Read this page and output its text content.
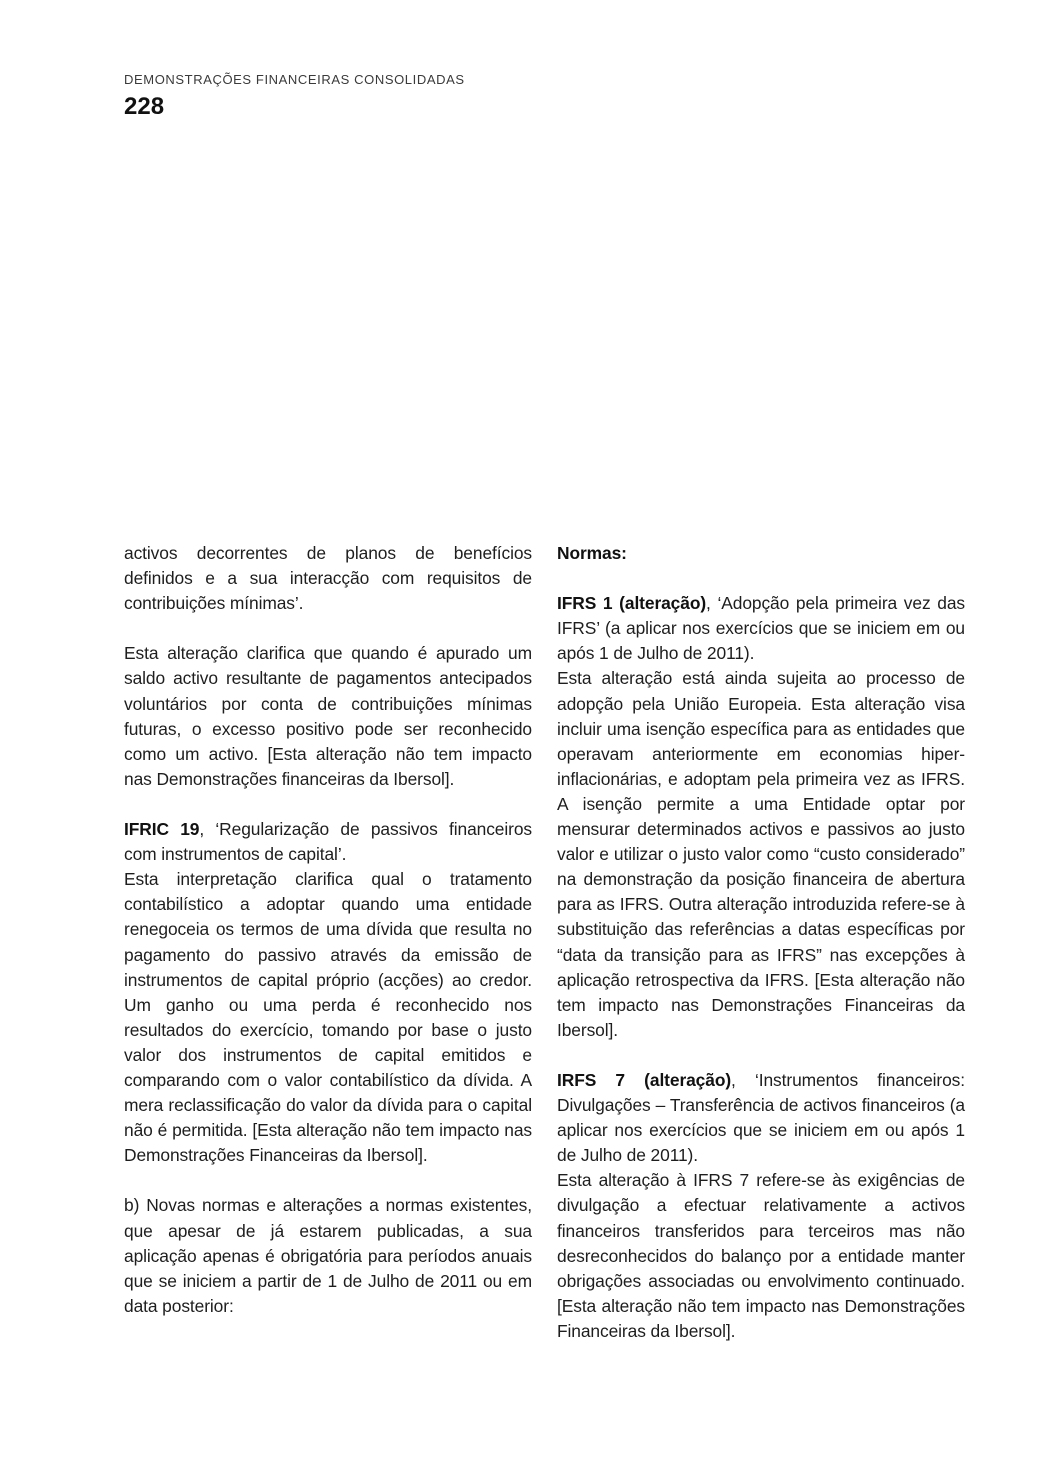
DEMONSTRAÇÕES FINANCEIRAS CONSOLIDADAS
228

activos decorrentes de planos de benefícios definidos e a sua interacção com requisitos de contribuições mínimas’.

Esta alteração clarifica que quando é apurado um saldo activo resultante de pagamentos antecipados voluntários por conta de contribuições mínimas futuras, o excesso positivo pode ser reconhecido como um activo. [Esta alteração não tem impacto nas Demonstrações financeiras da Ibersol].

IFRIC 19, ‘Regularização de passivos financeiros com instrumentos de capital’.

Esta interpretação clarifica qual o tratamento contabilístico a adoptar quando uma entidade renegoceia os termos de uma dívida que resulta no pagamento do passivo através da emissão de instrumentos de capital próprio (acções) ao credor. Um ganho ou uma perda é reconhecido nos resultados do exercício, tomando por base o justo valor dos instrumentos de capital emitidos e comparando com o valor contabilístico da dívida. A mera reclassificação do valor da dívida para o capital não é permitida. [Esta alteração não tem impacto nas Demonstrações Financeiras da Ibersol].

b) Novas normas e alterações a normas existentes, que apesar de já estarem publicadas, a sua aplicação apenas é obrigatória para períodos anuais que se iniciem a partir de 1 de Julho de 2011 ou em data posterior:

Normas:

IFRS 1 (alteração), ‘Adopção pela primeira vez das IFRS’ (a aplicar nos exercícios que se iniciem em ou após 1 de Julho de 2011).

Esta alteração está ainda sujeita ao processo de adopção pela União Europeia. Esta alteração visa incluir uma isenção específica para as entidades que operavam anteriormente em economias hiper-inflacionárias, e adoptam pela primeira vez as IFRS. A isenção permite a uma Entidade optar por mensurar determinados activos e passivos ao justo valor e utilizar o justo valor como “custo considerado” na demonstração da posição financeira de abertura para as IFRS. Outra alteração introduzida refere-se à substituição das referências a datas específicas por “data da transição para as IFRS” nas excepções à aplicação retrospectiva da IFRS. [Esta alteração não tem impacto nas Demonstrações Financeiras da Ibersol].

IRFS 7 (alteração), ‘Instrumentos financeiros: Divulgações – Transferência de activos financeiros (a aplicar nos exercícios que se iniciem em ou após 1 de Julho de 2011).

Esta alteração à IFRS 7 refere-se às exigências de divulgação a efectuar relativamente a activos financeiros transferidos para terceiros mas não desreconhecidos do balanço por a entidade manter obrigações associadas ou envolvimento continuado. [Esta alteração não tem impacto nas Demonstrações Financeiras da Ibersol].
